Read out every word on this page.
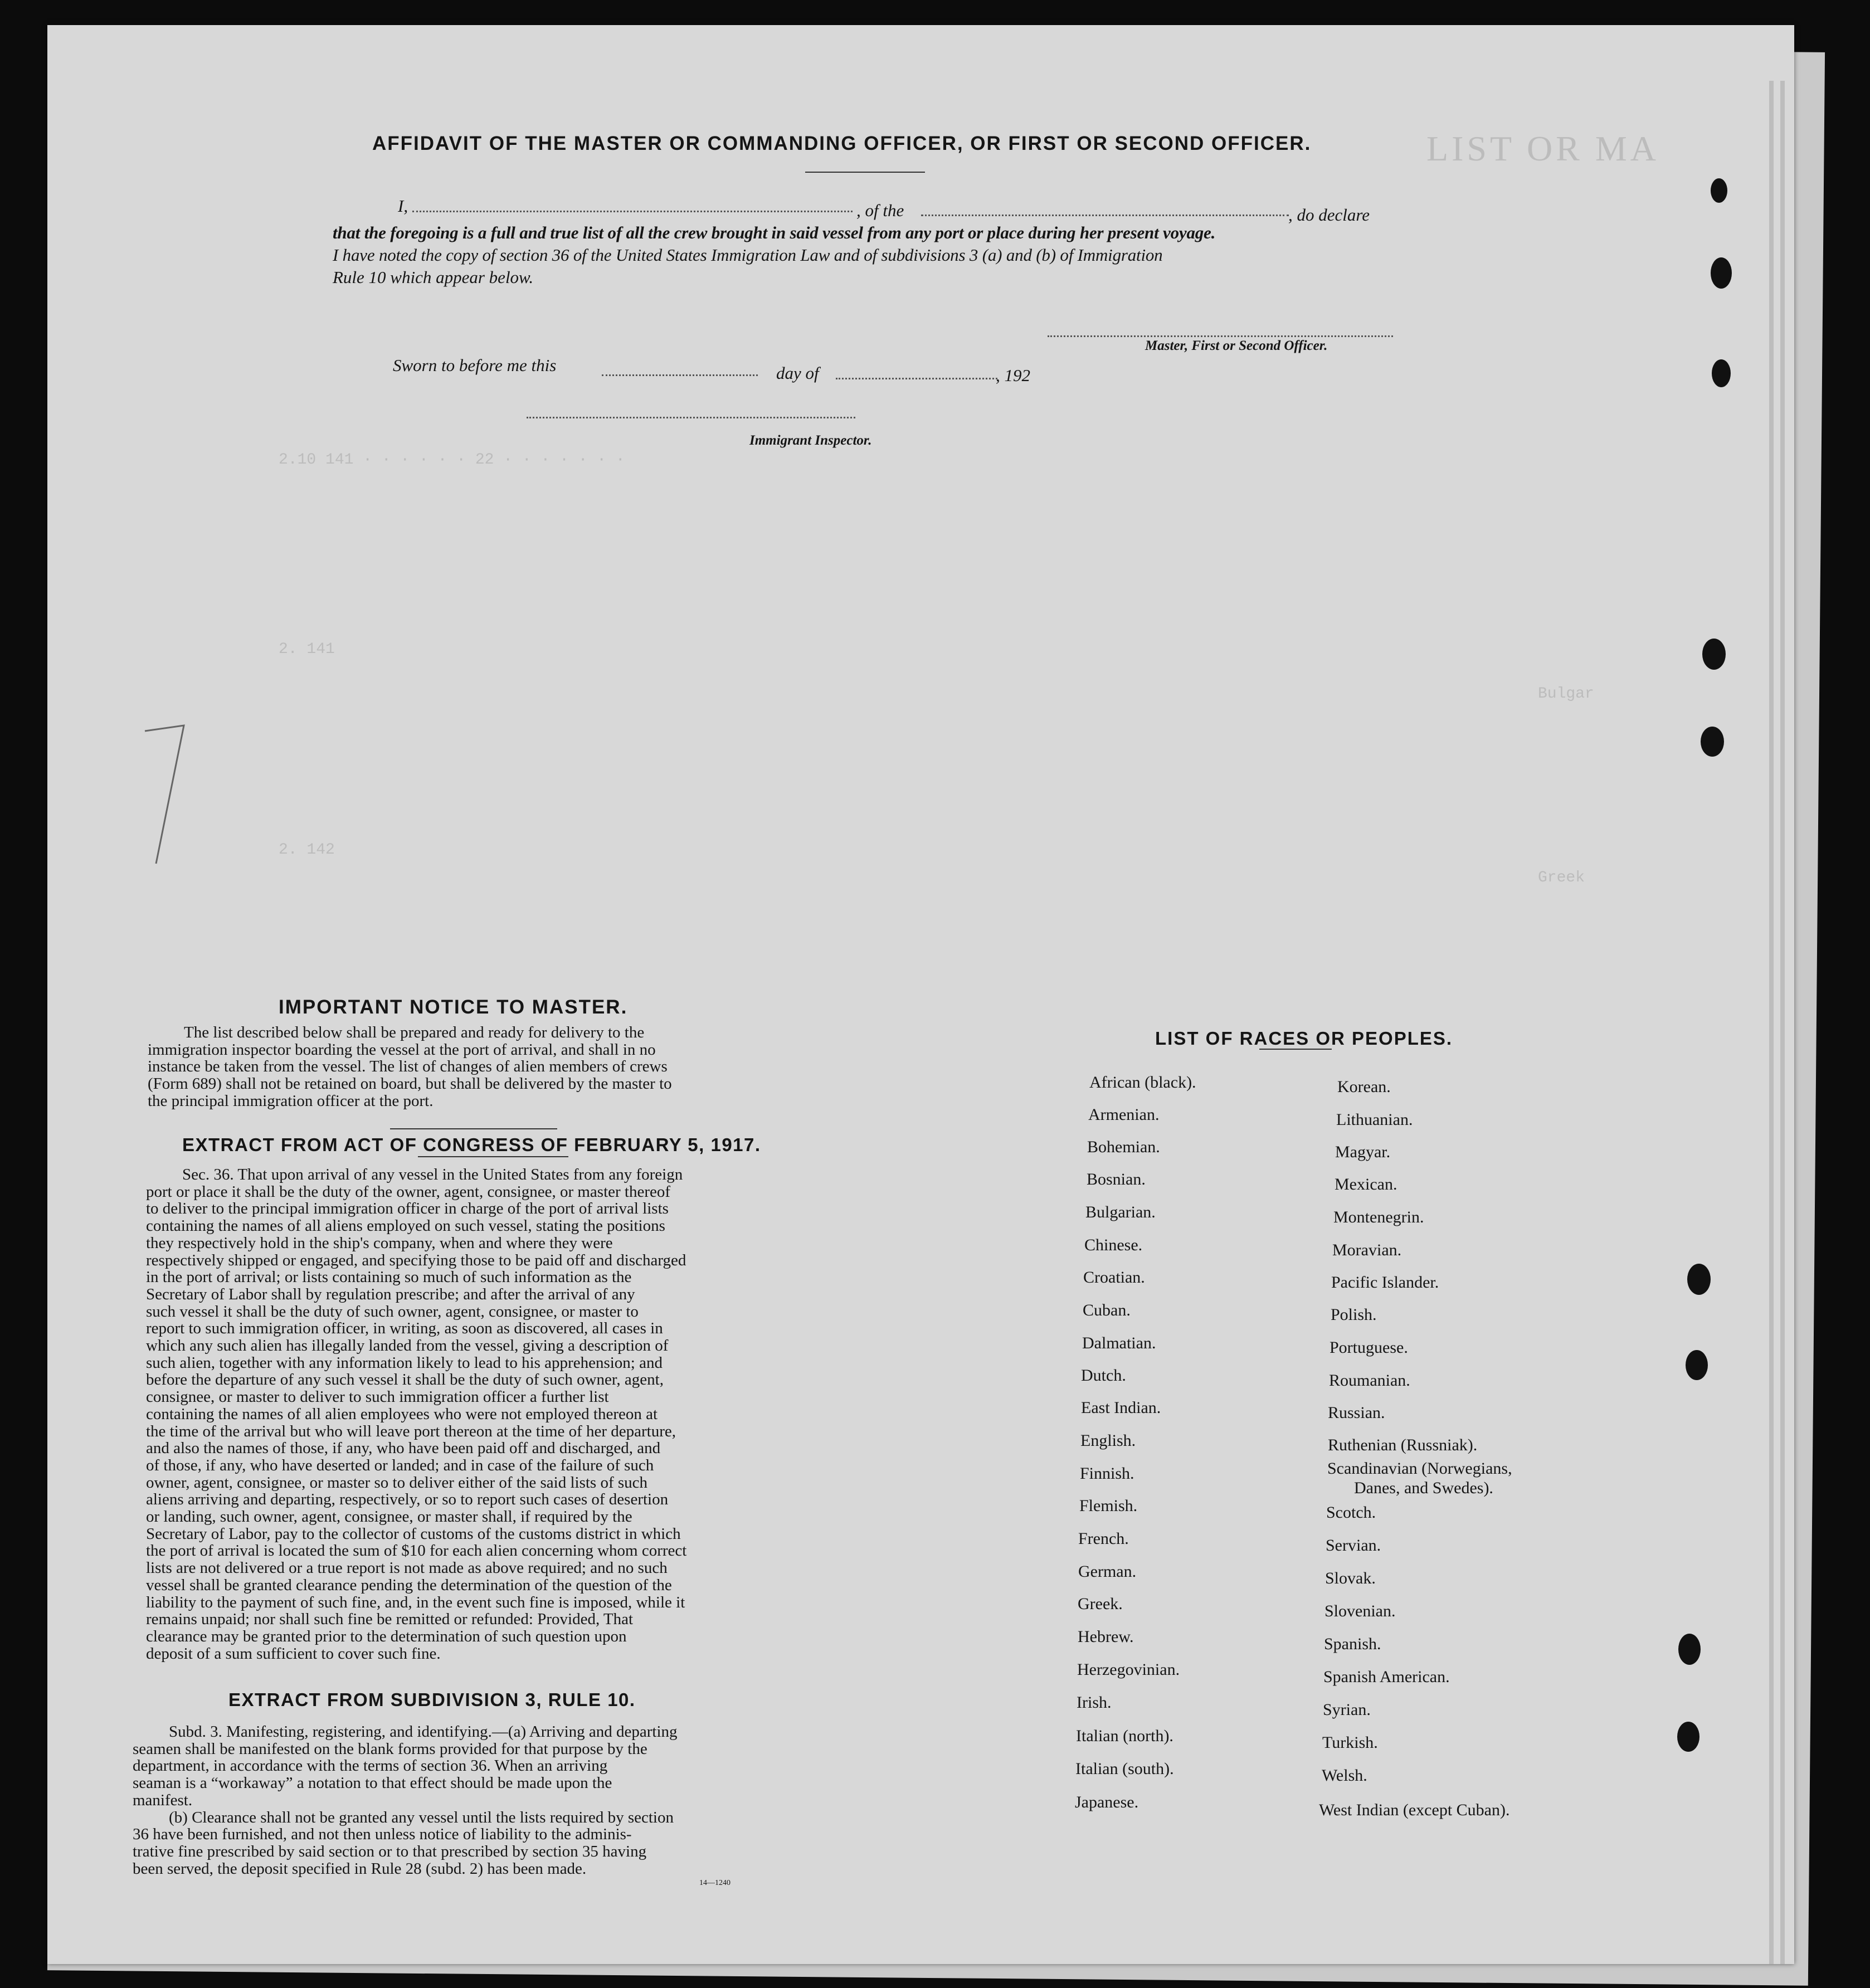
LIST OR MA
2.10 141 · · · · · · 22 · · · · · · ·
2. 141
2. 142
Bulgar
Greek
AFFIDAVIT OF THE MASTER OR COMMANDING OFFICER, OR FIRST OR SECOND OFFICER.
I,	, of the	, do declare
that the foregoing is a full and true list of all the crew brought in said vessel from any port or place during her present voyage.
I have noted the copy of section 36 of the United States Immigration Law and of subdivisions 3 (a) and (b) of Immigration
Rule 10 which appear below.
Master, First or Second Officer.
Sworn to before me this	day of	, 192
Immigrant Inspector.
IMPORTANT NOTICE TO MASTER.

The list described below shall be prepared and ready for delivery to the

immigration inspector boarding the vessel at the port of arrival, and shall in no

instance be taken from the vessel. The list of changes of alien members of crews

(Form 689) shall not be retained on board, but shall be delivered by the master to

the principal immigration officer at the port.

EXTRACT FROM ACT OF CONGRESS OF FEBRUARY 5, 1917.

Sec. 36. That upon arrival of any vessel in the United States from any foreign

port or place it shall be the duty of the owner, agent, consignee, or master thereof

to deliver to the principal immigration officer in charge of the port of arrival lists

containing the names of all aliens employed on such vessel, stating the positions

they respectively hold in the ship's company, when and where they were

respectively shipped or engaged, and specifying those to be paid off and discharged

in the port of arrival; or lists containing so much of such information as the

Secretary of Labor shall by regulation prescribe; and after the arrival of any

such vessel it shall be the duty of such owner, agent, consignee, or master to

report to such immigration officer, in writing, as soon as discovered, all cases in

which any such alien has illegally landed from the vessel, giving a description of

such alien, together with any information likely to lead to his apprehension; and

before the departure of any such vessel it shall be the duty of such owner, agent,

consignee, or master to deliver to such immigration officer a further list

containing the names of all alien employees who were not employed thereon at

the time of the arrival but who will leave port thereon at the time of her departure,

and also the names of those, if any, who have been paid off and discharged, and

of those, if any, who have deserted or landed; and in case of the failure of such

owner, agent, consignee, or master so to deliver either of the said lists of such

aliens arriving and departing, respectively, or so to report such cases of desertion

or landing, such owner, agent, consignee, or master shall, if required by the

Secretary of Labor, pay to the collector of customs of the customs district in which

the port of arrival is located the sum of $10 for each alien concerning whom correct

lists are not delivered or a true report is not made as above required; and no such

vessel shall be granted clearance pending the determination of the question of the

liability to the payment of such fine, and, in the event such fine is imposed, while it

remains unpaid; nor shall such fine be remitted or refunded: Provided, That

clearance may be granted prior to the determination of such question upon

deposit of a sum sufficient to cover such fine.

EXTRACT FROM SUBDIVISION 3, RULE 10.

Subd. 3. Manifesting, registering, and identifying.—(a) Arriving and departing

seamen shall be manifested on the blank forms provided for that purpose by the

department, in accordance with the terms of section 36. When an arriving

seaman is a “workaway” a notation to that effect should be made upon the

manifest.

(b) Clearance shall not be granted any vessel until the lists required by section

36 have been furnished, and not then unless notice of liability to the adminis-

trative fine prescribed by said section or to that prescribed by section 35 having

been served, the deposit specified in Rule 28 (subd. 2) has been made.

14—1240
LIST OF RACES OR PEOPLES.
African (black).
Armenian.
Bohemian.
Bosnian.
Bulgarian.
Chinese.
Croatian.
Cuban.
Dalmatian.
Dutch.
East Indian.
English.
Finnish.
Flemish.
French.
German.
Greek.
Hebrew.
Herzegovinian.
Irish.
Italian (north).
Italian (south).
Japanese.
Korean.
Lithuanian.
Magyar.
Mexican.
Montenegrin.
Moravian.
Pacific Islander.
Polish.
Portuguese.
Roumanian.
Russian.
Ruthenian (Russniak).
Scandinavian (Norwegians,
Danes, and Swedes).
Scotch.
Servian.
Slovak.
Slovenian.
Spanish.
Spanish American.
Syrian.
Turkish.
Welsh.
West Indian (except Cuban).
